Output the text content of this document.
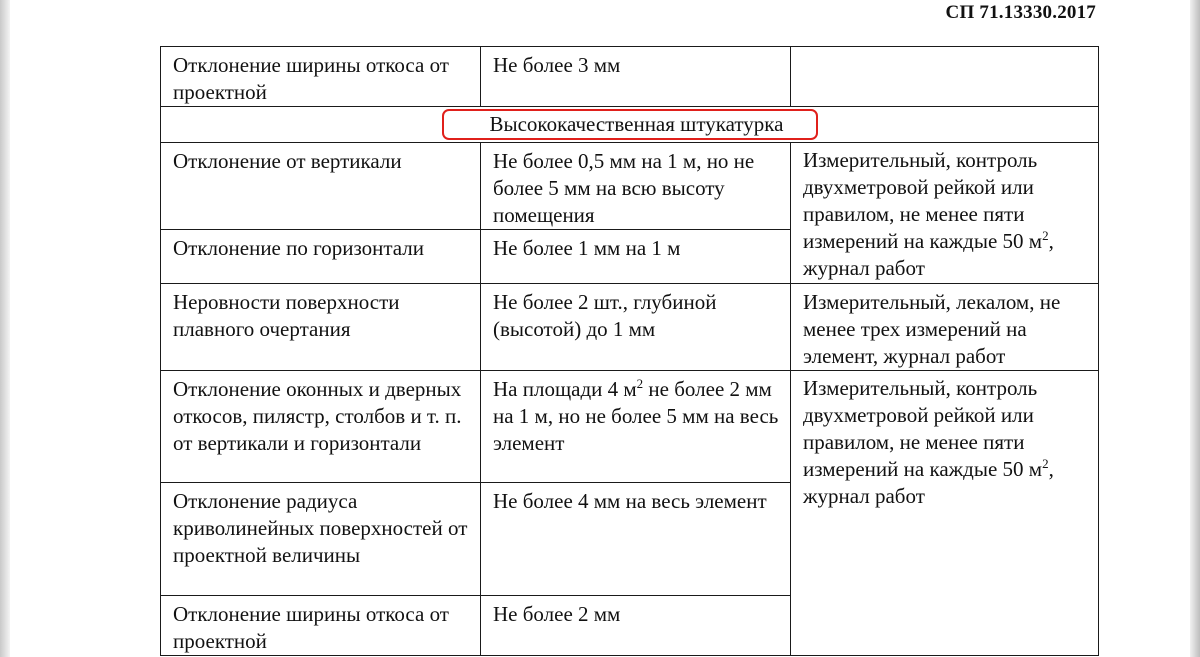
СП 71.13330.2017
Отклонение ширины откоса от проектной	Не более 3 мм	
Высококачественная штукатурка		
Отклонение от вертикали	Не более 0,5 мм на 1 м, но не более 5 мм на всю высоту помещения	Измерительный, контроль двухметровой рейкой или правилом, не менее пяти измерений на каждые 50 $м^2$, журнал работ
Отклонение по горизонтали	Не более 1 мм на 1 м	
Неровности поверхности плавного очертания	Не более 2 шт., глубиной (высотой) до 1 мм	Измерительный, лекалом, не менее трех измерений на элемент, журнал работ
Отклонение оконных и дверных откосов, пилястр, столбов и т. п. от вертикали и горизонтали	На площади 4 $м^2$ не более 2 мм на 1 м, но не более 5 мм на весь элемент	Измерительный, контроль двухметровой рейкой или правилом, не менее пяти измерений на каждые 50 $м^2$, журнал работ
Отклонение радиуса криволинейных поверхностей от проектной величины	Не более 4 мм на весь элемент	
Отклонение ширины откоса от проектной	Не более 2 мм	
